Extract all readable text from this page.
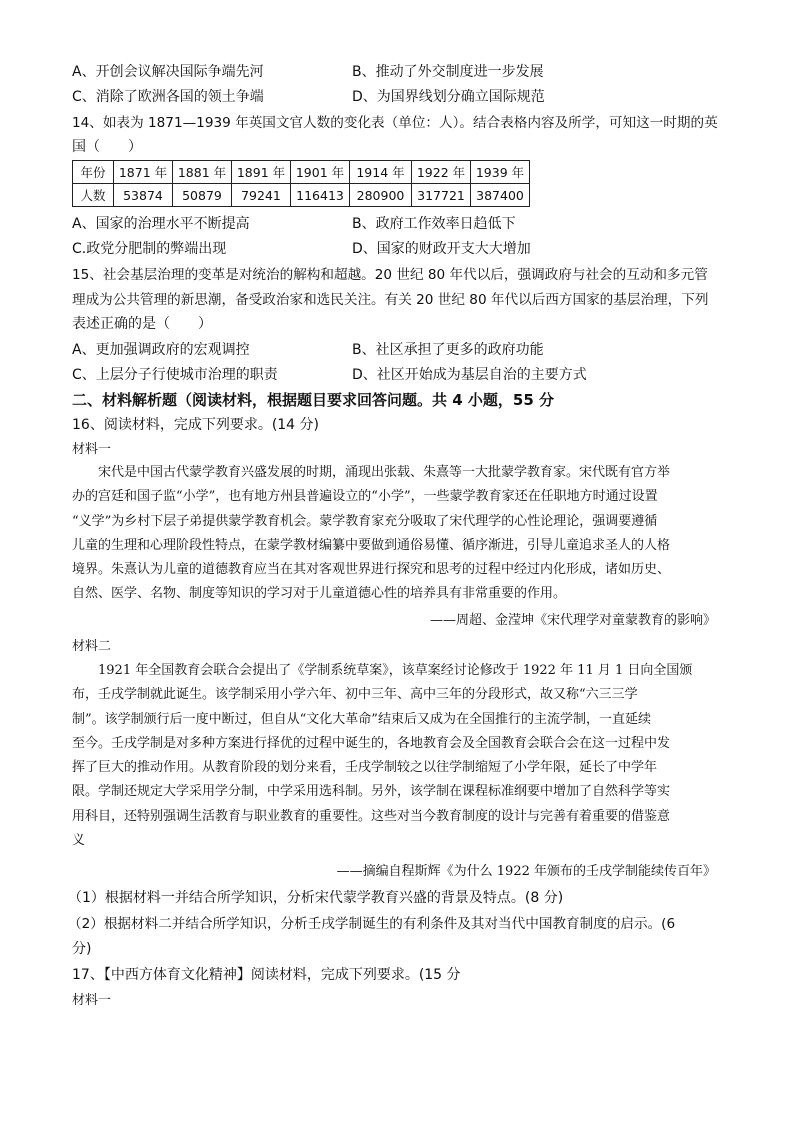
A、开创会议解决国际争端先河	B、推动了外交制度进一步发展
C、消除了欧洲各国的领土争端	D、为国界线划分确立国际规范
14、如表为 1871—1939 年英国文官人数的变化表（单位：人）。结合表格内容及所学，可知这一时期的英
国（　　）
年份	1871 年	1881 年	1891 年	1901 年	1914 年	1922 年	1939 年
人数	53874	50879	79241	116413	280900	317721	387400
A、国家的治理水平不断提高	B、政府工作效率日趋低下
C.政党分肥制的弊端出现	D、国家的财政开支大大增加
15、社会基层治理的变革是对统治的解构和超越。20 世纪 80 年代以后，强调政府与社会的互动和多元管
理成为公共管理的新思潮，备受政治家和选民关注。有关 20 世纪 80 年代以后西方国家的基层治理，下列
表述正确的是（　　）
A、更加强调政府的宏观调控	B、社区承担了更多的政府功能
C、上层分子行使城市治理的职责	D、社区开始成为基层自治的主要方式
二、材料解析题（阅读材料，根据题目要求回答问题。共 4 小题，55 分
16、阅读材料，完成下列要求。(14 分)
材料一
宋代是中国古代蒙学教育兴盛发展的时期，涌现出张载、朱熹等一大批蒙学教育家。宋代既有官方举
办的宫廷和国子监“小学”，也有地方州县普遍设立的“小学”，一些蒙学教育家还在任职地方时通过设置
“义学”为乡村下层子弟提供蒙学教育机会。蒙学教育家充分吸取了宋代理学的心性论理论，强调要遵循
儿童的生理和心理阶段性特点，在蒙学教材编纂中要做到通俗易懂、循序渐进，引导儿童追求圣人的人格
境界。朱熹认为儿童的道德教育应当在其对客观世界进行探究和思考的过程中经过内化形成，诸如历史、
自然、医学、名物、制度等知识的学习对于儿童道德心性的培养具有非常重要的作用。
——周超、金滢坤《宋代理学对童蒙教育的影响》
材料二
1921 年全国教育会联合会提出了《学制系统草案》，该草案经讨论修改于 1922 年 11 月 1 日向全国颁
布，壬戌学制就此诞生。该学制采用小学六年、初中三年、高中三年的分段形式，故又称“六三三学
制”。该学制颁行后一度中断过，但自从“文化大革命”结束后又成为在全国推行的主流学制，一直延续
至今。壬戌学制是对多种方案进行择优的过程中诞生的，各地教育会及全国教育会联合会在这一过程中发
挥了巨大的推动作用。从教育阶段的划分来看，壬戌学制较之以往学制缩短了小学年限，延长了中学年
限。学制还规定大学采用学分制，中学采用选科制。另外，该学制在课程标准纲要中增加了自然科学等实
用科目，还特别强调生活教育与职业教育的重要性。这些对当今教育制度的设计与完善有着重要的借鉴意
义
——摘编自程斯辉《为什么 1922 年颁布的壬戌学制能续传百年》
（1）根据材料一并结合所学知识，分析宋代蒙学教育兴盛的背景及特点。(8 分)
（2）根据材料二并结合所学知识，分析壬戌学制诞生的有利条件及其对当代中国教育制度的启示。(6
分)
17、【中西方体育文化精神】阅读材料，完成下列要求。(15 分
材料一
